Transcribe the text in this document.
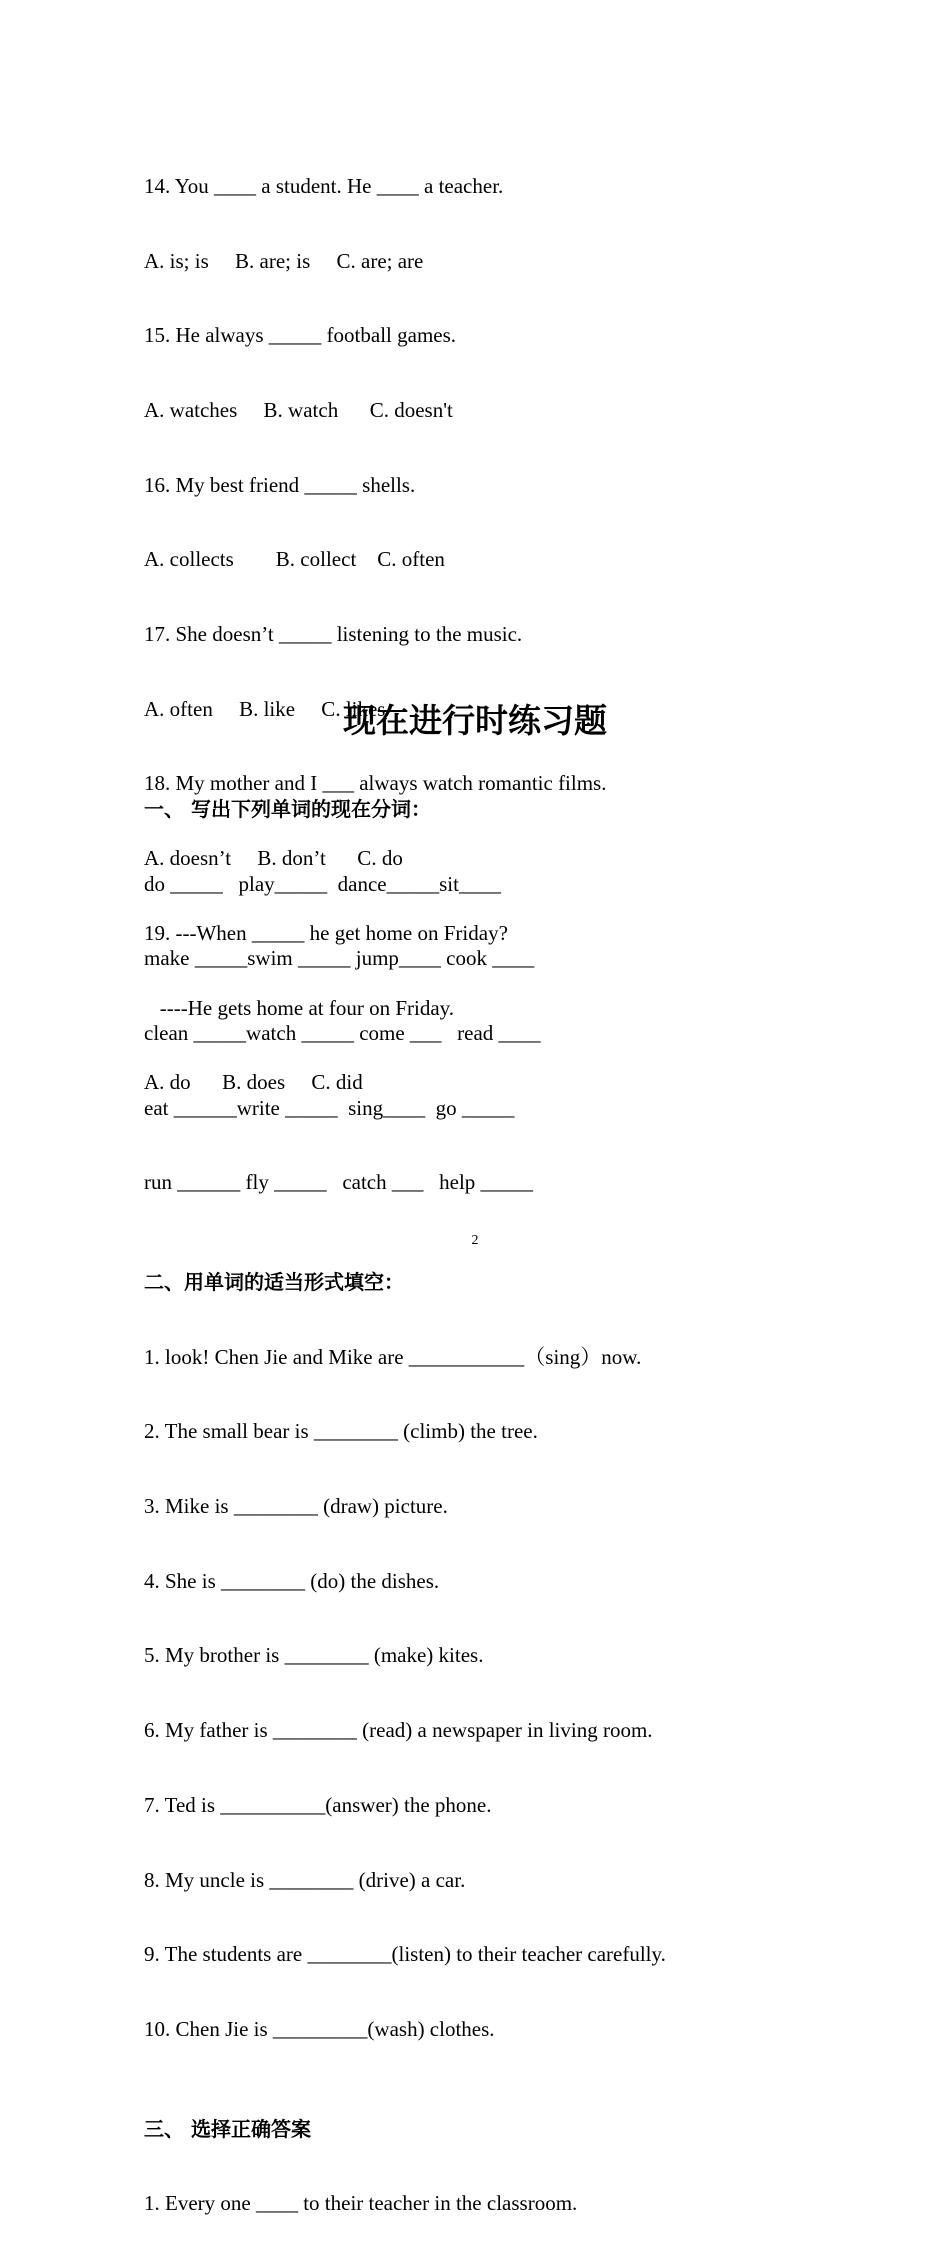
14. You ____ a student. He ____ a teacher.

A. is; is     B. are; is     C. are; are

15. He always _____ football games.

A. watches     B. watch      C. doesn't

16. My best friend _____ shells.

A. collects        B. collect    C. often

17. She doesn’t _____ listening to the music.

A. often     B. like     C. likes

18. My mother and I ___ always watch romantic films.

A. doesn’t     B. don’t      C. do

19. ---When _____ he get home on Friday?

----He gets home at four on Friday.

A. do      B. does     C. did

现在进行时练习题

一、 写出下列单词的现在分词：

do _____   play_____  dance_____sit____

make _____swim _____ jump____ cook ____

clean _____watch _____ come ___   read ____

eat ______write _____  sing____  go _____

run ______ fly _____   catch ___   help _____

二、用单词的适当形式填空：

1. look! Chen Jie and Mike are ___________（sing）now.

2. The small bear is ________ (climb) the tree.

3. Mike is ________ (draw) picture.

4. She is ________ (do) the dishes.

5. My brother is ________ (make) kites.

6. My father is ________ (read) a newspaper in living room.

7. Ted is __________(answer) the phone.

8. My uncle is ________ (drive) a car.

9. The students are ________(listen) to their teacher carefully.

10. Chen Jie is _________(wash) clothes.

三、 选择正确答案

1. Every one ____ to their teacher in the classroom.

2
